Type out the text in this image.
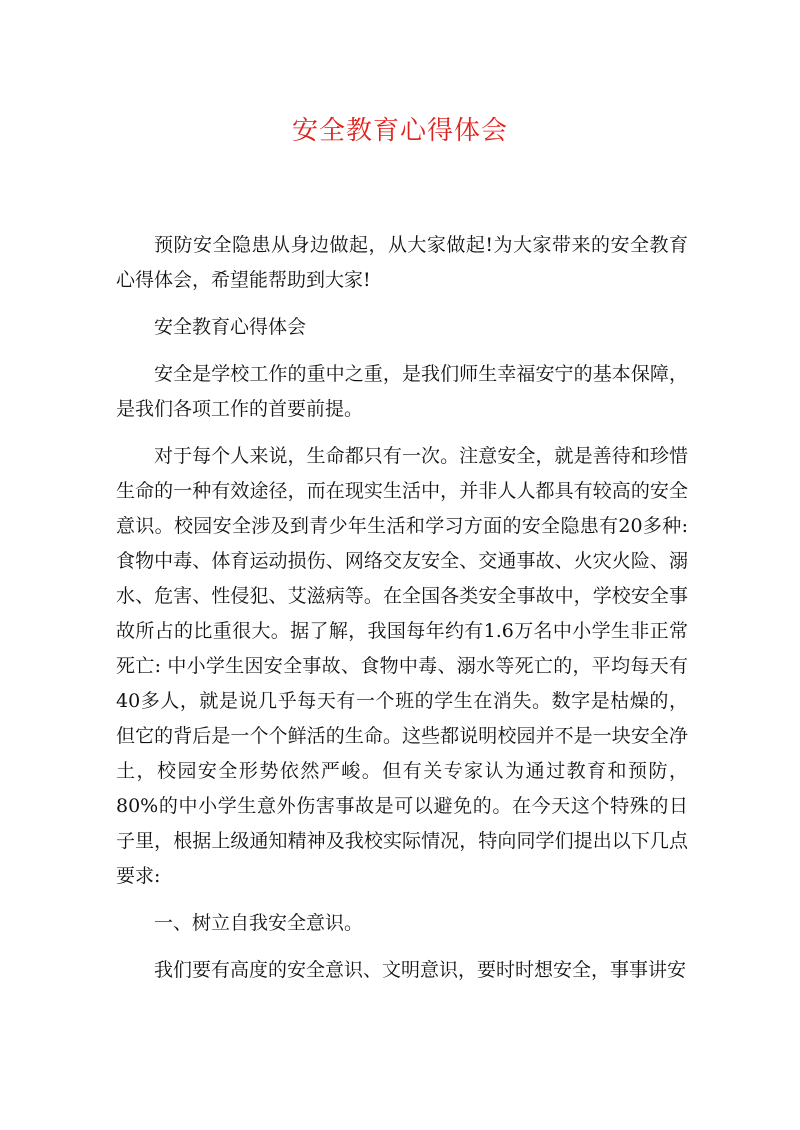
安全教育心得体会

预防安全隐患从身边做起，从大家做起!为大家带来的安全教育心得体会，希望能帮助到大家!

安全教育心得体会

安全是学校工作的重中之重，是我们师生幸福安宁的基本保障，是我们各项工作的首要前提。

对于每个人来说，生命都只有一次。注意安全，就是善待和珍惜生命的一种有效途径，而在现实生活中，并非人人都具有较高的安全意识。校园安全涉及到青少年生活和学习方面的安全隐患有20多种:食物中毒、体育运动损伤、网络交友安全、交通事故、火灾火险、溺水、危害、性侵犯、艾滋病等。在全国各类安全事故中，学校安全事故所占的比重很大。据了解，我国每年约有1.6万名中小学生非正常死亡: 中小学生因安全事故、食物中毒、溺水等死亡的，平均每天有40多人，就是说几乎每天有一个班的学生在消失。数字是枯燥的，但它的背后是一个个鲜活的生命。这些都说明校园并不是一块安全净土，校园安全形势依然严峻。但有关专家认为通过教育和预防，80%的中小学生意外伤害事故是可以避免的。在今天这个特殊的日子里，根据上级通知精神及我校实际情况，特向同学们提出以下几点要求:

一、树立自我安全意识。

我们要有高度的安全意识、文明意识，要时时想安全，事事讲安
